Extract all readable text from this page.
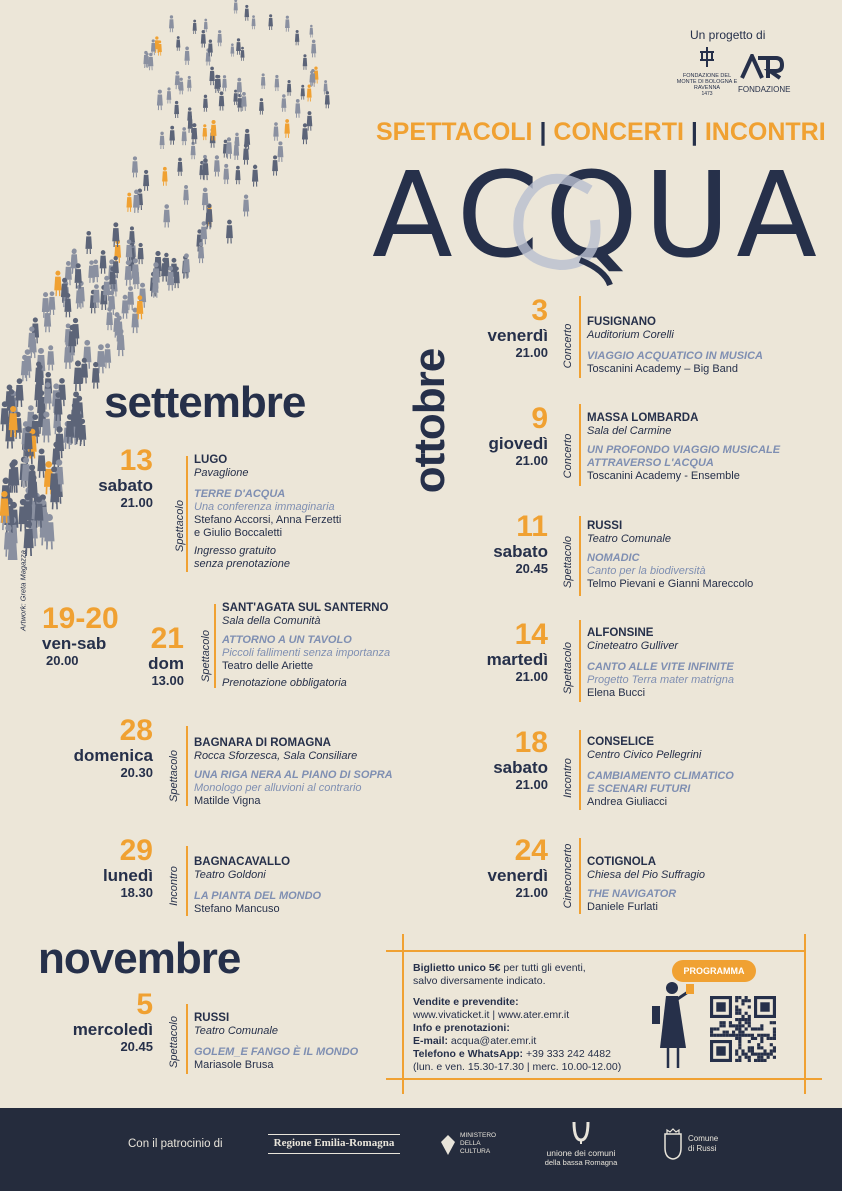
Un progetto di
FONDAZIONE DEL MONTE DI BOLOGNA E RAVENNA
1473	FONDAZIONE
SPETTACOLI | CONCERTI | INCONTRI
ACQUA
Artwork: Greta Magazza
settembre ottobre
novembre
13
sabato
21.00 Spettacolo
LUGO
Pavaglione
TERRE D'ACQUA
Una conferenza immaginaria
Stefano Accorsi, Anna Ferzetti
e Giulio Boccaletti
Ingresso gratuito
senza prenotazione
19-20
ven-sab
20.00
21
dom
13.00 Spettacolo
SANT'AGATA SUL SANTERNO
Sala della Comunità
ATTORNO A UN TAVOLO
Piccoli fallimenti senza importanza
Teatro delle Ariette
Prenotazione obbligatoria
28
domenica
20.30 Spettacolo
BAGNARA DI ROMAGNA
Rocca Sforzesca, Sala Consiliare
UNA RIGA NERA AL PIANO DI SOPRA
Monologo per alluvioni al contrario
Matilde Vigna
29
lunedì
18.30 Incontro
BAGNACAVALLO
Teatro Goldoni
LA PIANTA DEL MONDO
Stefano Mancuso
5
mercoledì
20.45 Spettacolo RUSSI
Teatro Comunale
GOLEM_E FANGO È IL MONDO
Mariasole Brusa
3
venerdì
21.00 Concerto
FUSIGNANO
Auditorium Corelli
VIAGGIO ACQUATICO IN MUSICA
Toscanini Academy – Big Band
9
giovedì
21.00 Concerto
MASSA LOMBARDA
Sala del Carmine
UN PROFONDO VIAGGIO MUSICALE
ATTRAVERSO L'ACQUA
Toscanini Academy - Ensemble
11
sabato
20.45 Spettacolo
RUSSI
Teatro Comunale
NOMADIC
Canto per la biodiversità
Telmo Pievani e Gianni Mareccolo
14
martedì
21.00 Spettacolo
ALFONSINE
Cineteatro Gulliver
CANTO ALLE VITE INFINITE
Progetto Terra mater matrigna
Elena Bucci
18
sabato
21.00 Incontro
CONSELICE
Centro Civico Pellegrini
CAMBIAMENTO CLIMATICO
E SCENARI FUTURI
Andrea Giuliacci
24
venerdì
21.00 Cineconcerto COTIGNOLA
Chiesa del Pio Suffragio
THE NAVIGATOR
Daniele Furlati
Biglietto unico 5€ per tutti gli eventi,
salvo diversamente indicato.
Vendite e prevendite:
www.vivaticket.it | www.ater.emr.it
Info e prenotazioni:
E-mail: acqua@ater.emr.it
Telefono e WhatsApp: +39 333 242 4482
(lun. e ven. 15.30-17.30 | merc. 10.00-12.00)
PROGRAMMA
Con il patrocinio di	Regione Emilia-Romagna
MINISTERO
DELLA
CULTURA	unione dei comuni
della bassa Romagna
Comune
di Russi
